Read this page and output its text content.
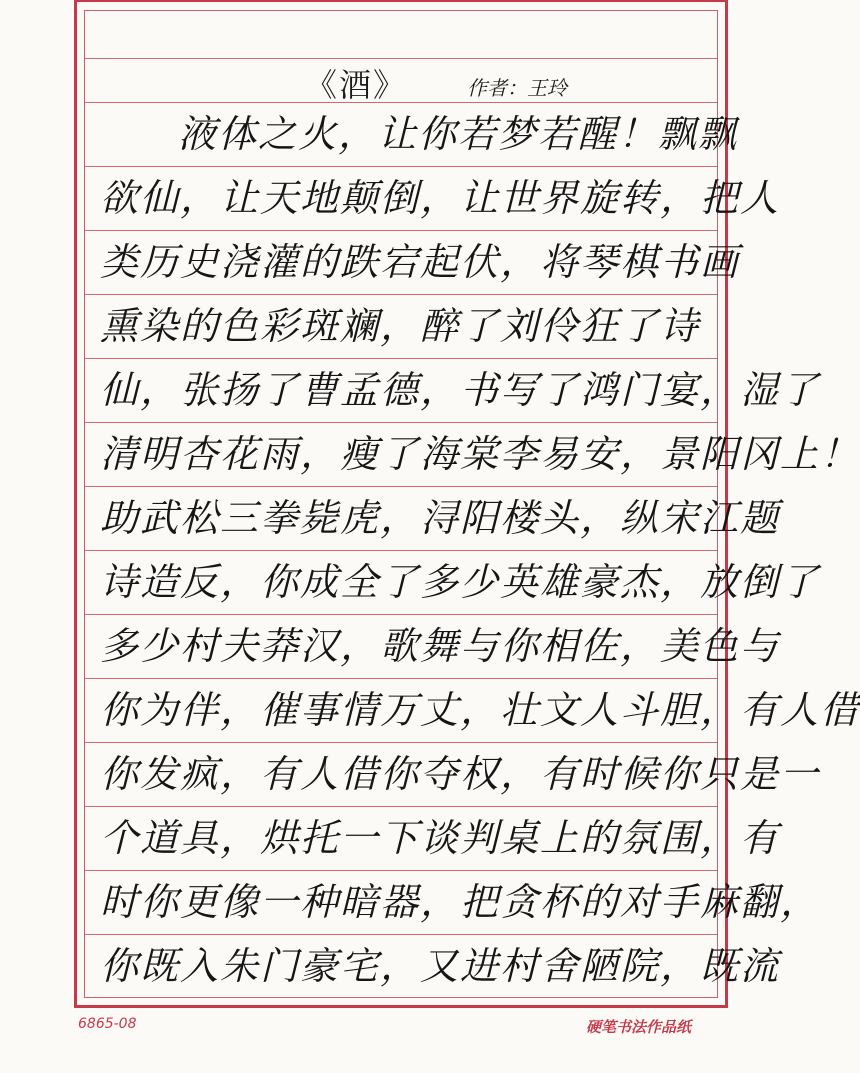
《酒》	作者：王玲
液体之火，让你若梦若醒！飘飘
欲仙，让天地颠倒，让世界旋转，把人
类历史浇灌的跌宕起伏，将琴棋书画
熏染的色彩斑斓，醉了刘伶狂了诗
仙，张扬了曹孟德，书写了鸿门宴，湿了
清明杏花雨，瘦了海棠李易安，景阳冈上！
助武松三拳毙虎，浔阳楼头，纵宋江题
诗造反，你成全了多少英雄豪杰，放倒了
多少村夫莽汉，歌舞与你相佐，美色与
你为伴，催事情万丈，壮文人斗胆，有人借
你发疯，有人借你夺权，有时候你只是一
个道具，烘托一下谈判桌上的氛围，有
时你更像一种暗器，把贪杯的对手麻翻，
你既入朱门豪宅，又进村舍陋院，既流
6865-08	硬笔书法作品纸
